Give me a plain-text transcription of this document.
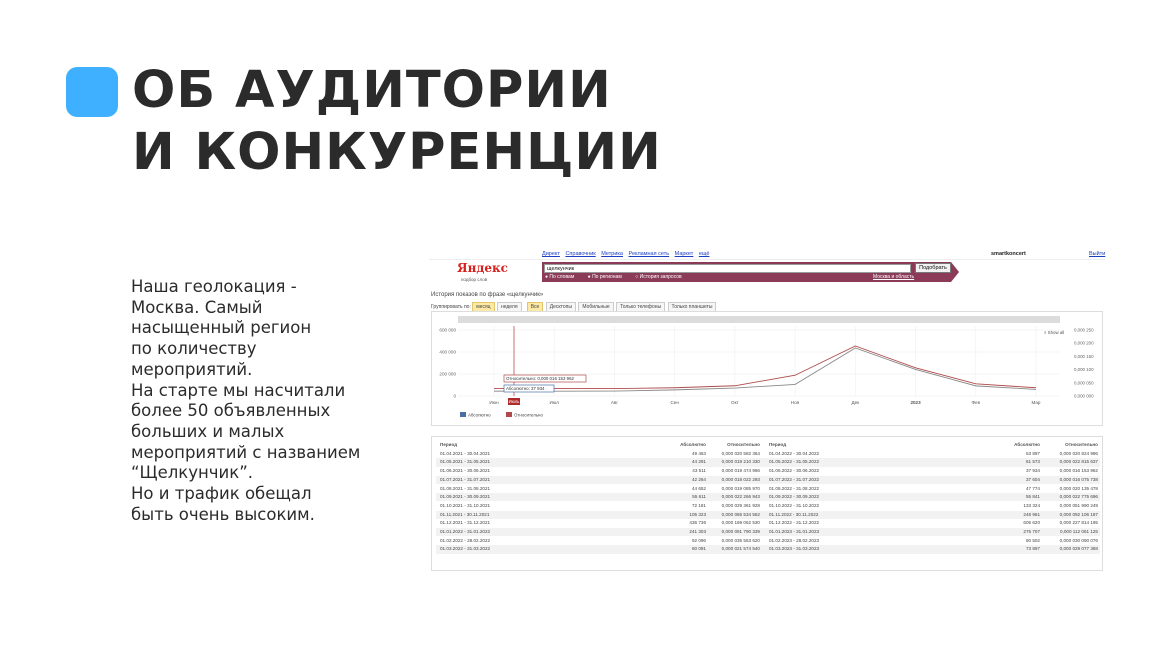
ОБ АУДИТОРИИ
И КОНКУРЕНЦИИ
Наша геолокация -
Москва. Самый
насыщенный регион
по количеству
мероприятий.
На старте мы насчитали
более 50 объявленных
больших и малых
мероприятий с названием
“Щелкунчик”.
Но и трафик обещал
быть очень высоким.
Директ Справочник Метрика Рекламная сеть Маркет ещё	smartkoncert	Выйти
Яндекс
подбор слов
щелкунчик	Подобрать
● По словам	● По регионам	○ История запросов	Москва и область
История показов по фразе «щелкунчик»
Группировать по: месяц неделя	Все Десктопы Мобильные Только телефоны Только планшеты
600 000
400 000
200 000
0
0,000 250
0,000 200
0,000 150
0,000 100
0,000 050
0,000 000
Июн	Июл	Авг	Сен	Окт	Ноя	Дек	2023	Фев	Мар
Июль
Относительно: 0,000 016 153 962
Абсолютно: 37 934
⌕ Show all
Абсолютно	Относительно
Период	Абсолютно	Относительно Период	Абсолютно	Относительно
01.04.2021 - 30.04.2021	49 463	0,000 020 582 364 01.04.2022 - 30.04.2022	53 897	0,000 020 824 996
01.05.2021 - 31.05.2021	44 291	0,000 019 210 330 01.05.2022 - 31.05.2022	61 573	0,000 022 815 637
01.06.2021 - 30.06.2021	43 511	0,000 019 474 966 01.06.2022 - 30.06.2022	37 934	0,000 016 153 962
01.07.2021 - 31.07.2021	42 264	0,000 018 022 293 01.07.2022 - 31.07.2022	37 604	0,000 016 075 738
01.08.2021 - 31.08.2021	44 652	0,000 019 085 970 01.08.2022 - 31.08.2022	47 774	0,000 020 135 478
01.09.2021 - 30.09.2021	55 611	0,000 022 266 943 01.09.2022 - 30.09.2022	55 841	0,000 022 775 696
01.10.2021 - 31.10.2021	72 181	0,000 029 361 928 01.10.2022 - 31.10.2022	133 324	0,000 051 990 249
01.11.2021 - 30.11.2021	105 323	0,000 065 534 562 01.11.2022 - 30.11.2022	248 961	0,000 092 106 187
01.12.2021 - 31.12.2021	436 736	0,000 169 062 530 01.12.2022 - 31.12.2022	605 620	0,000 227 814 195
01.01.2022 - 31.01.2022	241 303	0,000 091 790 339 01.01.2023 - 31.01.2023	275 707	0,000 112 061 125
01.02.2022 - 28.02.2022	92 096	0,000 035 553 620 01.02.2023 - 28.02.2023	80 502	0,000 030 090 076
01.03.2022 - 31.03.2022	60 091	0,000 021 574 540 01.03.2023 - 31.03.2023	73 897	0,000 029 077 368
